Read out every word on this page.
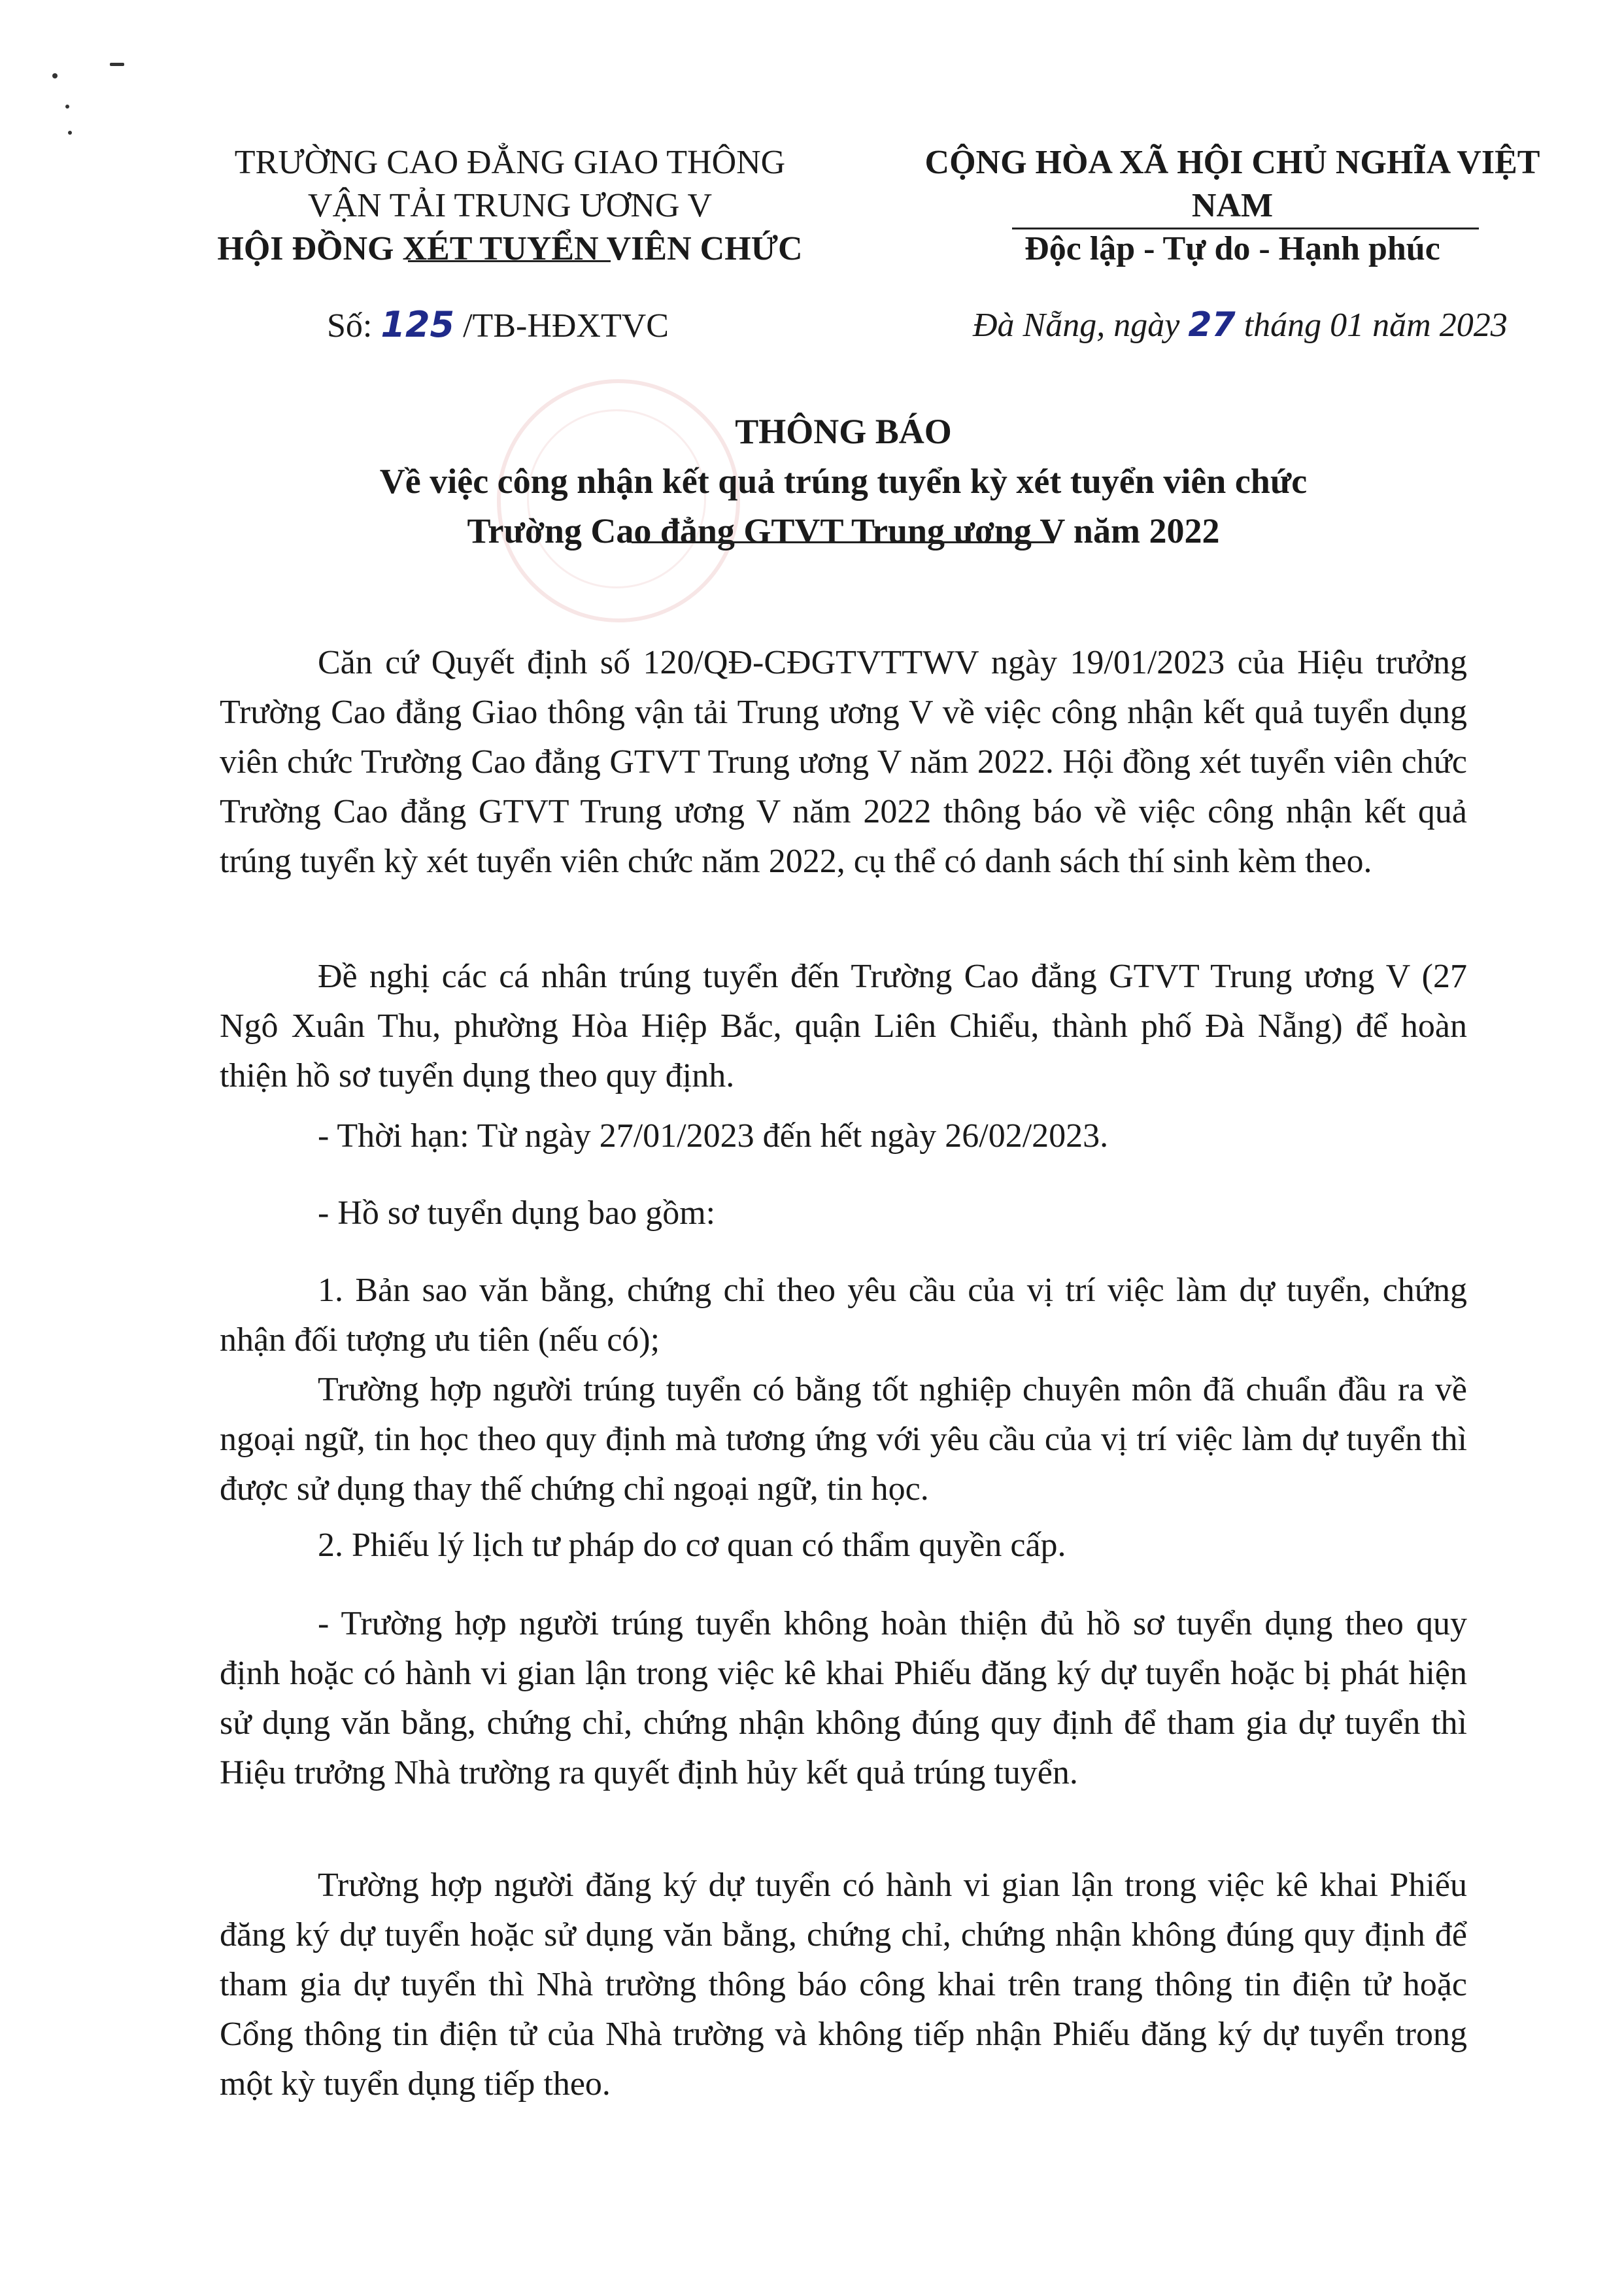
TRƯỜNG CAO ĐẲNG GIAO THÔNG
VẬN TẢI TRUNG ƯƠNG V
HỘI ĐỒNG XÉT TUYỂN VIÊN CHỨC
CỘNG HÒA XÃ HỘI CHỦ NGHĨA VIỆT NAM
Độc lập - Tự do - Hạnh phúc
Số: 125 /TB-HĐXTVC	Đà Nẵng, ngày 27 tháng 01 năm 2023
THÔNG BÁO
Về việc công nhận kết quả trúng tuyển kỳ xét tuyển viên chức
Trường Cao đẳng GTVT Trung ương V năm 2022
Căn cứ Quyết định số 120/QĐ-CĐGTVTTWV ngày 19/01/2023 của Hiệu trưởng Trường Cao đẳng Giao thông vận tải Trung ương V về việc công nhận kết quả tuyển dụng viên chức Trường Cao đẳng GTVT Trung ương V năm 2022. Hội đồng xét tuyển viên chức Trường Cao đẳng GTVT Trung ương V năm 2022 thông báo về việc công nhận kết quả trúng tuyển kỳ xét tuyển viên chức năm 2022, cụ thể có danh sách thí sinh kèm theo.
Đề nghị các cá nhân trúng tuyển đến Trường Cao đẳng GTVT Trung ương V (27 Ngô Xuân Thu, phường Hòa Hiệp Bắc, quận Liên Chiểu, thành phố Đà Nẵng) để hoàn thiện hồ sơ tuyển dụng theo quy định.
- Thời hạn: Từ ngày 27/01/2023 đến hết ngày 26/02/2023.
- Hồ sơ tuyển dụng bao gồm:
1. Bản sao văn bằng, chứng chỉ theo yêu cầu của vị trí việc làm dự tuyển, chứng nhận đối tượng ưu tiên (nếu có);
Trường hợp người trúng tuyển có bằng tốt nghiệp chuyên môn đã chuẩn đầu ra về ngoại ngữ, tin học theo quy định mà tương ứng với yêu cầu của vị trí việc làm dự tuyển thì được sử dụng thay thế chứng chỉ ngoại ngữ, tin học.
2. Phiếu lý lịch tư pháp do cơ quan có thẩm quyền cấp.
- Trường hợp người trúng tuyển không hoàn thiện đủ hồ sơ tuyển dụng theo quy định hoặc có hành vi gian lận trong việc kê khai Phiếu đăng ký dự tuyển hoặc bị phát hiện sử dụng văn bằng, chứng chỉ, chứng nhận không đúng quy định để tham gia dự tuyển thì Hiệu trưởng Nhà trường ra quyết định hủy kết quả trúng tuyển.
Trường hợp người đăng ký dự tuyển có hành vi gian lận trong việc kê khai Phiếu đăng ký dự tuyển hoặc sử dụng văn bằng, chứng chỉ, chứng nhận không đúng quy định để tham gia dự tuyển thì Nhà trường thông báo công khai trên trang thông tin điện tử hoặc Cổng thông tin điện tử của Nhà trường và không tiếp nhận Phiếu đăng ký dự tuyển trong một kỳ tuyển dụng tiếp theo.
